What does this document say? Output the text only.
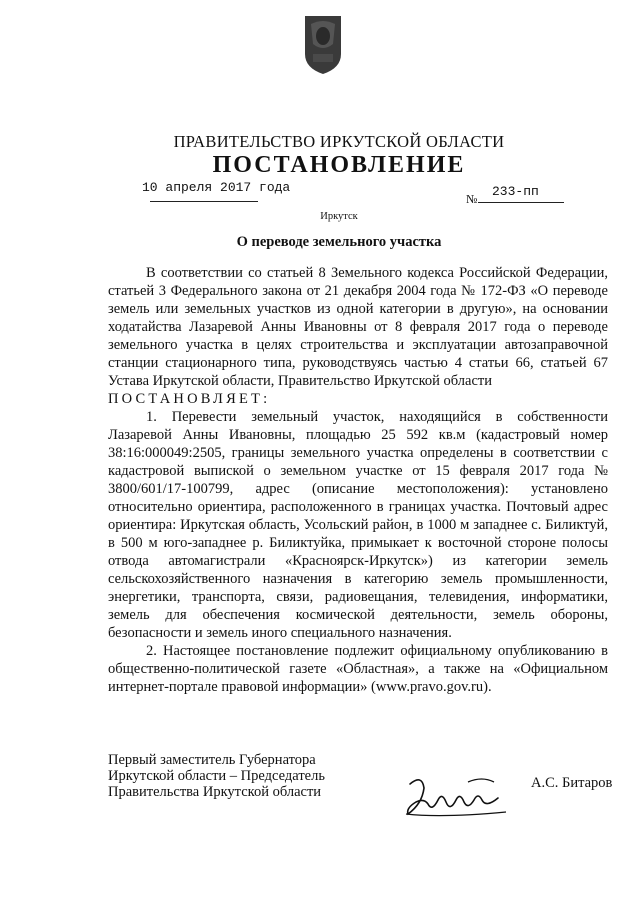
ПРАВИТЕЛЬСТВО ИРКУТСКОЙ ОБЛАСТИ
ПОСТАНОВЛЕНИЕ
10 апреля 2017 года
№ 233-пп
Иркутск
О переводе земельного участка

В соответствии со статьей 8 Земельного кодекса Российской Федерации, статьей 3 Федерального закона от 21 декабря 2004 года № 172-ФЗ «О переводе земель или земельных участков из одной категории в другую», на основании ходатайства Лазаревой Анны Ивановны от 8 февраля 2017 года о переводе земельного участка в целях строительства и эксплуатации автозаправочной станции стационарного типа, руководствуясь частью 4 статьи 66, статьей 67 Устава Иркутской области, Правительство Иркутской области

ПОСТАНОВЛЯЕТ:

1. Перевести земельный участок, находящийся в собственности Лазаревой Анны Ивановны, площадью 25 592 кв.м (кадастровый номер 38:16:000049:2505, границы земельного участка определены в соответствии с кадастровой выпиской о земельном участке от 15 февраля 2017 года № 3800/601/17-100799, адрес (описание местоположения): установлено относительно ориентира, расположенного в границах участка. Почтовый адрес ориентира: Иркутская область, Усольский район, в 1000 м западнее с. Биликтуй, в 500 м юго-западнее р. Биликтуйка, примыкает к восточной стороне полосы отвода автомагистрали «Красноярск-Иркутск») из категории земель сельскохозяйственного назначения в категорию земель промышленности, энергетики, транспорта, связи, радиовещания, телевидения, информатики, земель для обеспечения космической деятельности, земель обороны, безопасности и земель иного специального назначения.

2. Настоящее постановление подлежит официальному опубликованию в общественно-политической газете «Областная», а также на «Официальном интернет-портале правовой информации» (www.pravo.gov.ru).

Первый заместитель Губернатора
Иркутской области – Председатель
Правительства Иркутской области
А.С. Битаров
